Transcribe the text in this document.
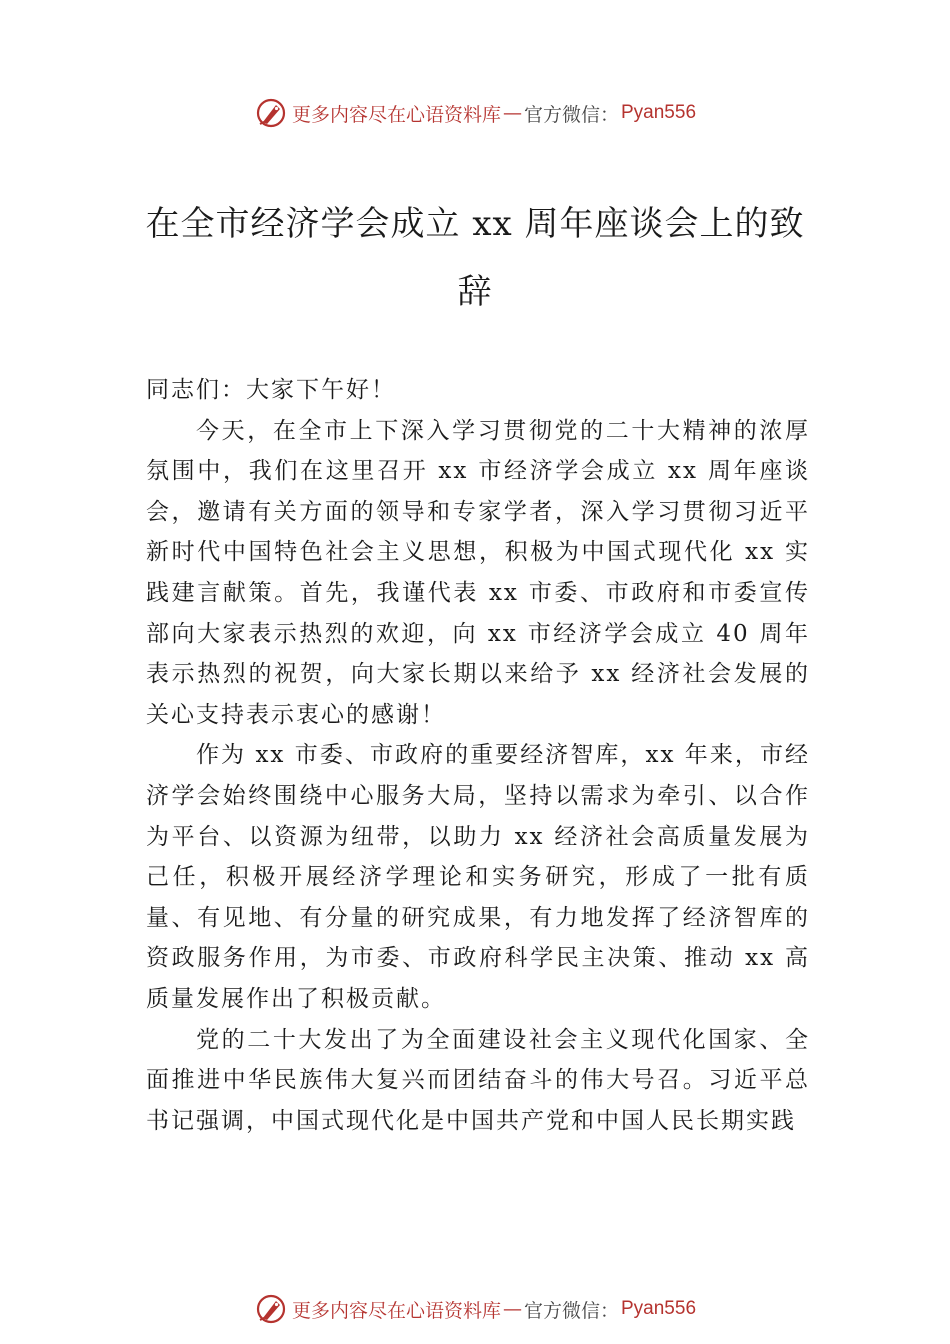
更多内容尽在心语资料库 — 官方微信： Pyan556
在全市经济学会成立 xx 周年座谈会上的致辞

同志们：大家下午好！

今天，在全市上下深入学习贯彻党的二十大精神的浓厚氛围中，我们在这里召开 xx 市经济学会成立 xx 周年座谈会，邀请有关方面的领导和专家学者，深入学习贯彻习近平新时代中国特色社会主义思想，积极为中国式现代化 xx 实践建言献策。首先，我谨代表 xx 市委、市政府和市委宣传部向大家表示热烈的欢迎，向 xx 市经济学会成立 40 周年表示热烈的祝贺，向大家长期以来给予 xx 经济社会发展的关心支持表示衷心的感谢！

作为 xx 市委、市政府的重要经济智库，xx 年来，市经济学会始终围绕中心服务大局，坚持以需求为牵引、以合作为平台、以资源为纽带，以助力 xx 经济社会高质量发展为己任，积极开展经济学理论和实务研究，形成了一批有质量、有见地、有分量的研究成果，有力地发挥了经济智库的资政服务作用，为市委、市政府科学民主决策、推动 xx 高质量发展作出了积极贡献。

党的二十大发出了为全面建设社会主义现代化国家、全面推进中华民族伟大复兴而团结奋斗的伟大号召。习近平总书记强调，中国式现代化是中国共产党和中国人民长期实践

更多内容尽在心语资料库 — 官方微信： Pyan556
